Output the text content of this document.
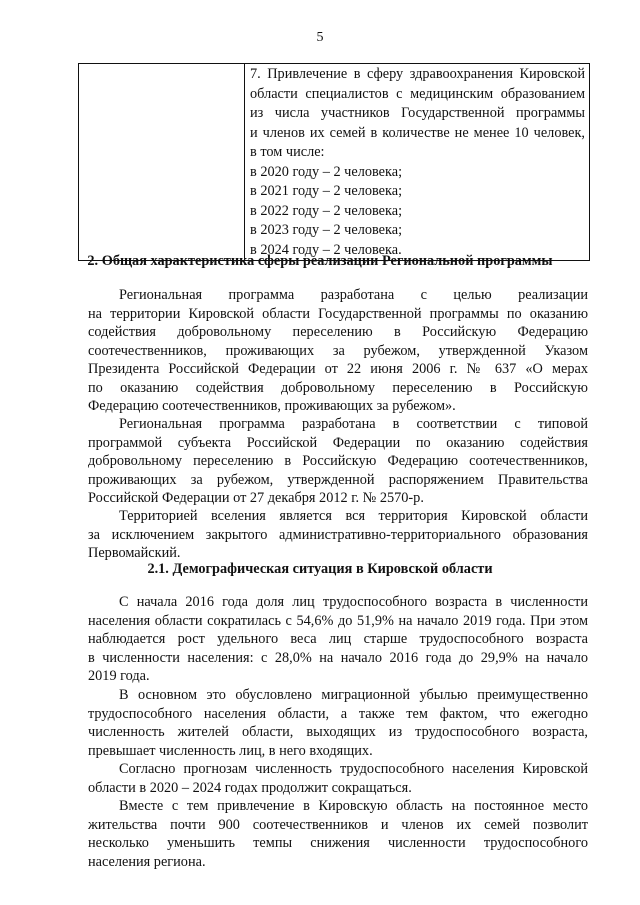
5

7. Привлечение в сферу здравоохранения Кировской
области специалистов с медицинским образованием
из числа участников Государственной программы
и членов их семей в количестве не менее 10 человек,
в том числе:
в 2020 году – 2 человека;
в 2021 году – 2 человека;
в 2022 году – 2 человека;
в 2023 году – 2 человека;
в 2024 году – 2 человека.
2. Общая характеристика сферы реализации Региональной программы
Региональная программа разработана с целью реализации
на территории Кировской области Государственной программы по оказанию
содействия добровольному переселению в Российскую Федерацию
соотечественников, проживающих за рубежом, утвержденной Указом
Президента Российской Федерации от 22 июня 2006 г. № 637 «О мерах
по оказанию содействия добровольному переселению в Российскую
Федерацию соотечественников, проживающих за рубежом».
Региональная программа разработана в соответствии с типовой
программой субъекта Российской Федерации по оказанию содействия
добровольному переселению в Российскую Федерацию соотечественников,
проживающих за рубежом, утвержденной распоряжением Правительства
Российской Федерации от 27 декабря 2012 г. № 2570-р.
Территорией вселения является вся территория Кировской области
за исключением закрытого административно-территориального образования
Первомайский.
2.1. Демографическая ситуация в Кировской области
С начала 2016 года доля лиц трудоспособного возраста в численности
населения области сократилась с 54,6% до 51,9% на начало 2019 года. При этом
наблюдается рост удельного веса лиц старше трудоспособного возраста
в численности населения: с 28,0% на начало 2016 года до 29,9% на начало
2019 года.
В основном это обусловлено миграционной убылью преимущественно
трудоспособного населения области, а также тем фактом, что ежегодно
численность жителей области, выходящих из трудоспособного возраста,
превышает численность лиц, в него входящих.
Согласно прогнозам численность трудоспособного населения Кировской
области в 2020 – 2024 годах продолжит сокращаться.
Вместе с тем привлечение в Кировскую область на постоянное место
жительства почти 900 соотечественников и членов их семей позволит
несколько уменьшить темпы снижения численности трудоспособного
населения региона.
